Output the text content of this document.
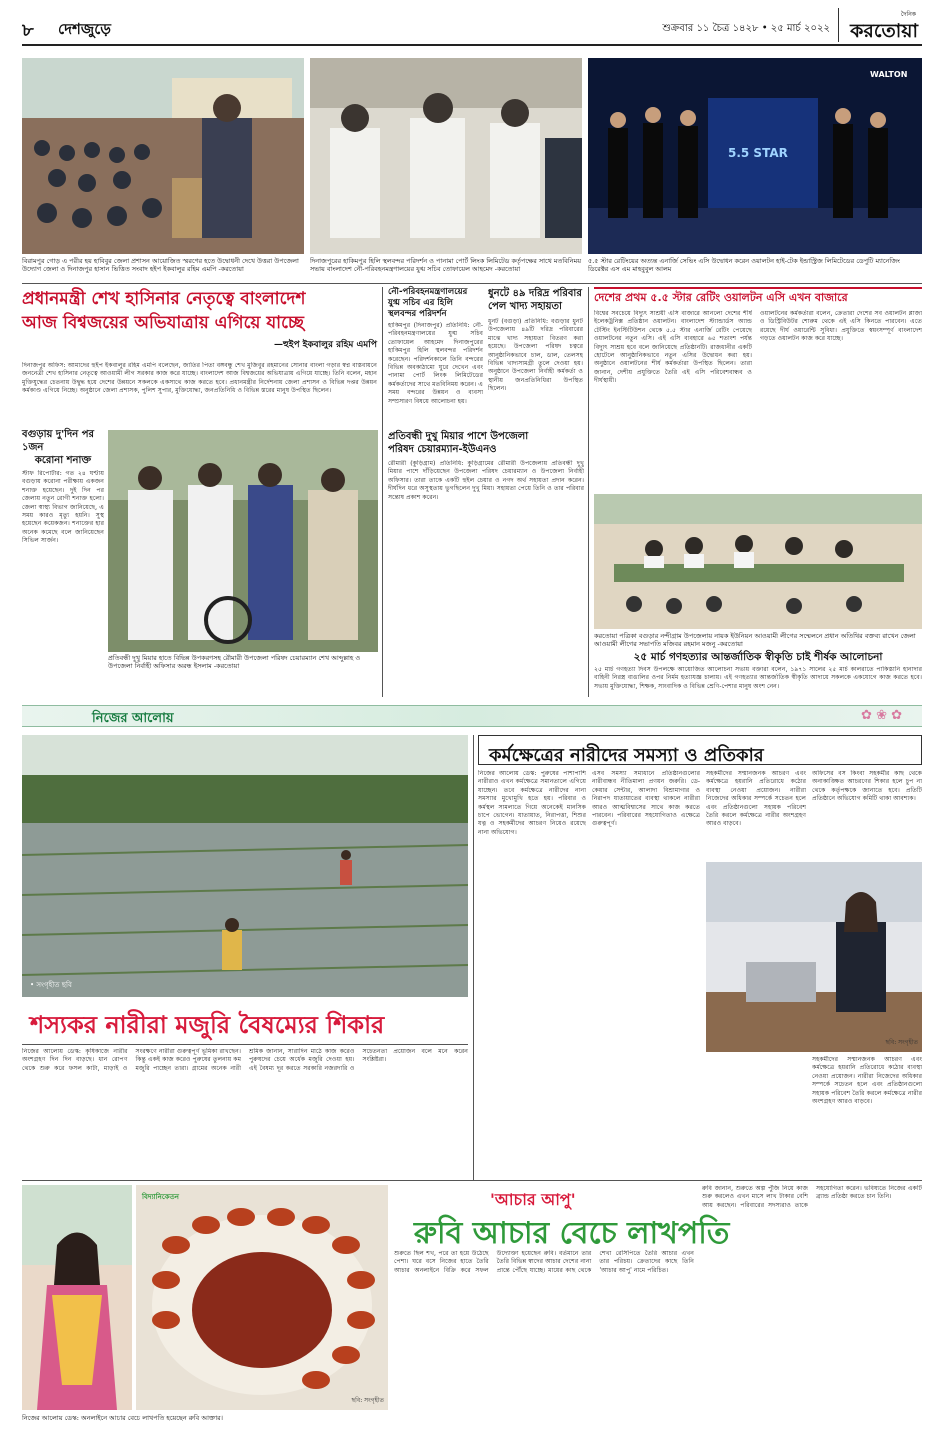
৮ দেশজুড়ে	শুক্রবার ১১ চৈত্র ১৪২৮ • ২৫ মার্চ ২০২২
দৈনিক
করতোয়া
বিরামপুর গোড় এ পরীর হয় হাবিবুর জেলা প্রশাসন আয়োজিত স্মরণের হতে উদ্বোধনী দেখে উত্তরা উপজেলা উদ্যোগ জেলা ও দিনাজপুর হাসান ভিত্তিত সংবাদ হইপ ইকবালুর রহিম এমপি -করতোয়া
দিনাজপুরের হাকিমপুর হিলি স্থলবন্দর পরিদর্শন ও পানামা পোর্ট লিংক লিমিটেড কর্তৃপক্ষের সাথে মতবিনিময় সভায় বাংলাদেশ নৌ-পরিবহনমন্ত্রণালয়ের যুগ্ম সচিব তোফায়েল আহমেদ -করতোয়া
WALTON
5.5 STAR
৫.৫ স্টার রেটিংয়ের অত্যন্ত এনার্জি সেভিং এসি উদ্বোধন করেন ওয়ালটন হাই-টেক ইন্ডাস্ট্রিজ লিমিটেডের ডেপুটি ম্যানেজিং ডিরেক্টর এস এম মাহবুবুল আলম
প্রধানমন্ত্রী শেখ হাসিনার নেতৃত্বে বাংলাদেশ
আজ বিশ্বজয়ের অভিযাত্রায় এগিয়ে যাচ্ছে
—হুইপ ইকবালুর রহিম এমপি
দিনাজপুর অফিস: আমাদের হুইপ ইকবালুর রহিম এমপি বলেছেন, জাতির পিতা বঙ্গবন্ধু শেখ মুজিবুর রহমানের সোনার বাংলা গড়ার স্বপ্ন বাস্তবায়নে জননেত্রী শেখ হাসিনার নেতৃত্বে আওয়ামী লীগ সরকার কাজ করে যাচ্ছে। বাংলাদেশ আজ বিশ্বজয়ের অভিযাত্রায় এগিয়ে যাচ্ছে। তিনি বলেন, মহান মুক্তিযুদ্ধের চেতনায় উদ্বুদ্ধ হয়ে দেশের উন্নয়নে সকলকে একসাথে কাজ করতে হবে। প্রধানমন্ত্রীর নির্দেশনায় জেলা প্রশাসন ও বিভিন্ন দপ্তর উন্নয়ন কর্মকাণ্ড এগিয়ে নিচ্ছে। অনুষ্ঠানে জেলা প্রশাসক, পুলিশ সুপার, মুক্তিযোদ্ধা, জনপ্রতিনিধি ও বিভিন্ন স্তরের মানুষ উপস্থিত ছিলেন।
বগুড়ায় দু'দিন পর ১জন
করোনা শনাক্ত
স্টাফ রিপোর্টার: গত ২৪ ঘণ্টায় বগুড়ায় করোনা পরীক্ষায় একজন শনাক্ত হয়েছেন। দুই দিন পর জেলায় নতুন রোগী শনাক্ত হলো। জেলা স্বাস্থ্য বিভাগ জানিয়েছে, এ সময় কারও মৃত্যু হয়নি। সুস্থ হয়েছেন কয়েকজন। শনাক্তের হার অনেক কমেছে বলে জানিয়েছেন সিভিল সার্জন।
প্রতিবন্ধী দুখু মিয়ার হাতে বিভিন্ন উপকরণসহ রৌমারী উপজেলা পরিষদ চেয়ারম্যান শেখ আব্দুল্লাহ ও উপজেলা নির্বাহী অফিসার অরন্ধ ইসলাম -করতোয়া
নৌ-পরিবহনমন্ত্রণালয়ের
যুগ্ম সচিব এর হিলি
স্থলবন্দর পরিদর্শন
হাকিমপুর (দিনাজপুর) প্রতিনিধি: নৌ-পরিবহনমন্ত্রণালয়ের যুগ্ম সচিব তোফায়েল আহমেদ দিনাজপুরের হাকিমপুর হিলি স্থলবন্দর পরিদর্শন করেছেন। পরিদর্শনকালে তিনি বন্দরের বিভিন্ন অবকাঠামো ঘুরে দেখেন এবং পানামা পোর্ট লিংক লিমিটেডের কর্মকর্তাদের সাথে মতবিনিময় করেন। এ সময় বন্দরের উন্নয়ন ও ব্যবসা সম্প্রসারণ বিষয়ে আলোচনা হয়।
ধুনটে ৪৯ দরিদ্র পরিবার
পেল খাদ্য সহায়তা
ধুনট (বগুড়া) প্রতিনিধি: বগুড়ার ধুনট উপজেলায় ৪৯টি দরিদ্র পরিবারের মাঝে খাদ্য সহায়তা বিতরণ করা হয়েছে। উপজেলা পরিষদ চত্বরে আনুষ্ঠানিকভাবে চাল, ডাল, তেলসহ বিভিন্ন খাদ্যসামগ্রী তুলে দেওয়া হয়। অনুষ্ঠানে উপজেলা নির্বাহী কর্মকর্তা ও স্থানীয় জনপ্রতিনিধিরা উপস্থিত ছিলেন।
প্রতিবন্ধী দুখু মিয়ার পাশে উপজেলা
পরিষদ চেয়ারম্যান-ইউএনও
রৌমারী (কুড়িগ্রাম) প্রতিনিধি: কুড়িগ্রামের রৌমারী উপজেলায় প্রতিবন্ধী দুখু মিয়ার পাশে দাঁড়িয়েছেন উপজেলা পরিষদ চেয়ারম্যান ও উপজেলা নির্বাহী অফিসার। তারা তাকে একটি হুইল চেয়ার ও নগদ অর্থ সহায়তা প্রদান করেন। দীর্ঘদিন ধরে অসুস্থতায় ভুগছিলেন দুখু মিয়া। সহায়তা পেয়ে তিনি ও তার পরিবার সন্তোষ প্রকাশ করেন।
দেশের প্রথম ৫.৫ স্টার রেটিং ওয়ালটন এসি এখন বাজারে
বিশ্বের সবচেয়ে বিদ্যুৎ সাশ্রয়ী এসি বাজারে আনলো দেশের শীর্ষ ইলেকট্রনিক্স প্রতিষ্ঠান ওয়ালটন। বাংলাদেশ স্ট্যান্ডার্ডস অ্যান্ড টেস্টিং ইনস্টিটিউশন থেকে ৫.৫ স্টার এনার্জি রেটিং পেয়েছে ওয়ালটনের নতুন এসি। এই এসি ব্যবহারে ৬৫ শতাংশ পর্যন্ত বিদ্যুৎ সাশ্রয় হবে বলে জানিয়েছে প্রতিষ্ঠানটি। রাজধানীর একটি হোটেলে আনুষ্ঠানিকভাবে নতুন এসির উদ্বোধন করা হয়। অনুষ্ঠানে ওয়ালটনের শীর্ষ কর্মকর্তারা উপস্থিত ছিলেন। তারা জানান, দেশীয় প্রযুক্তিতে তৈরি এই এসি পরিবেশবান্ধব ও দীর্ঘস্থায়ী।
ওয়ালটনের কর্মকর্তারা বলেন, ক্রেতারা দেশের সব ওয়ালটন প্লাজা ও ডিস্ট্রিবিউটর শোরুম থেকে এই এসি কিনতে পারবেন। এতে রয়েছে দীর্ঘ ওয়ারেন্টি সুবিধা। প্রযুক্তিতে স্বয়ংসম্পূর্ণ বাংলাদেশ গড়তে ওয়ালটন কাজ করে যাচ্ছে।
করতোয়া পত্রিকা বগুড়ার নন্দীগ্রাম উপজেলায় নায়ক ইউনিয়ন আওয়ামী লীগের সম্মেলনে প্রধান অতিথির বক্তব্য রাখেন জেলা আওয়ামী লীগের সভাপতি মজিবর রহমান মজনু -করতোয়া
২৫ মার্চ গণহত্যার আন্তর্জাতিক স্বীকৃতি চাই শীর্ষক আলোচনা
২৫ মার্চ গণহত্যা দিবস উপলক্ষে আয়োজিত আলোচনা সভায় বক্তারা বলেন, ১৯৭১ সালের ২৫ মার্চ কালরাতে পাকিস্তানি হানাদার বাহিনী নিরস্ত্র বাঙালির ওপর নির্মম হত্যাযজ্ঞ চালায়। এই গণহত্যার আন্তর্জাতিক স্বীকৃতি আদায়ে সকলকে একযোগে কাজ করতে হবে। সভায় মুক্তিযোদ্ধা, শিক্ষক, সাংবাদিক ও বিভিন্ন শ্রেণি-পেশার মানুষ অংশ নেন।
নিজের আলোয়	✿ ❀ ✿
• সংগৃহীত ছবি
শস্যকর নারীরা মজুরি বৈষম্যের শিকার
নিজের আলোয় ডেস্ক: কৃষিকাজে নারীর অংশগ্রহণ দিন দিন বাড়ছে। ধান রোপণ থেকে শুরু করে ফসল কাটা, মাড়াই ও সংরক্ষণে নারীরা গুরুত্বপূর্ণ ভূমিকা রাখছেন। কিন্তু একই কাজ করেও পুরুষের তুলনায় কম মজুরি পাচ্ছেন তারা। গ্রামের অনেক নারী শ্রমিক জানান, সারাদিন মাঠে কাজ করেও পুরুষদের চেয়ে অর্ধেক মজুরি দেওয়া হয়। এই বৈষম্য দূর করতে সরকারি নজরদারি ও সচেতনতা প্রয়োজন বলে মনে করেন সংশ্লিষ্টরা।
কর্মক্ষেত্রের নারীদের সমস্যা ও প্রতিকার
নিজের আলোয় ডেস্ক: পুরুষের পাশাপাশি নারীরাও এখন কর্মক্ষেত্রে সমানতালে এগিয়ে যাচ্ছেন। তবে কর্মক্ষেত্রে নারীদের নানা সমস্যার মুখোমুখি হতে হয়। পরিবার ও কর্মস্থল সামলাতে গিয়ে অনেকেই মানসিক চাপে ভোগেন। যাতায়াত, নিরাপত্তা, শিশুর যত্ন ও সহকর্মীদের আচরণ নিয়েও রয়েছে নানা অভিযোগ।
এসব সমস্যা সমাধানে প্রতিষ্ঠানগুলোর নারীবান্ধব নীতিমালা প্রণয়ন জরুরি। ডে-কেয়ার সেন্টার, আলাদা বিশ্রামাগার ও নিরাপদ যাতায়াতের ব্যবস্থা থাকলে নারীরা আরও আত্মবিশ্বাসের সাথে কাজ করতে পারবেন। পরিবারের সহযোগিতাও এক্ষেত্রে গুরুত্বপূর্ণ।
সহকর্মীদের সম্মানজনক আচরণ এবং কর্মক্ষেত্রে হয়রানি প্রতিরোধে কঠোর ব্যবস্থা নেওয়া প্রয়োজন। নারীরা নিজেদের অধিকার সম্পর্কে সচেতন হলে এবং প্রতিষ্ঠানগুলো সহায়ক পরিবেশ তৈরি করলে কর্মক্ষেত্রে নারীর অংশগ্রহণ আরও বাড়বে।
অফিসের বস কিংবা সহকর্মীর কাছ থেকে অনাকাঙ্ক্ষিত আচরণের শিকার হলে চুপ না থেকে কর্তৃপক্ষকে জানাতে হবে। প্রতিটি প্রতিষ্ঠানে অভিযোগ কমিটি থাকা আবশ্যক।
ছবি: সংগৃহীত
সহকর্মীদের সম্মানজনক আচরণ এবং কর্মক্ষেত্রে হয়রানি প্রতিরোধে কঠোর ব্যবস্থা নেওয়া প্রয়োজন। নারীরা নিজেদের অধিকার সম্পর্কে সচেতন হলে এবং প্রতিষ্ঠানগুলো সহায়ক পরিবেশ তৈরি করলে কর্মক্ষেত্রে নারীর অংশগ্রহণ আরও বাড়বে।
বিদ্যানিকেতন
ছবি: সংগৃহীত
নিজের আলোয় ডেস্ক: অনলাইনে আচার বেচে লাখপতি হয়েছেন রুবি আক্তার।
'আচার আপু'
রুবি আচার বেচে লাখপতি
শুরুতে ছিল শখ, পরে তা হয়ে উঠেছে পেশা। ঘরে বসে নিজের হাতে তৈরি আচার অনলাইনে বিক্রি করে সফল উদ্যোক্তা হয়েছেন রুবি। বর্তমানে তার তৈরি বিভিন্ন স্বাদের আচার দেশের নানা প্রান্তে পৌঁছে যাচ্ছে। মায়ের কাছ থেকে শেখা রেসিপিতে তৈরি আচার এখন তার পরিচয়। ক্রেতাদের কাছে তিনি 'আচার আপু' নামে পরিচিত।
রুবি জানান, শুরুতে অল্প পুঁজি নিয়ে কাজ শুরু করলেও এখন মাসে লাখ টাকার বেশি আয় করছেন। পরিবারের সদস্যরাও তাকে সহযোগিতা করেন। ভবিষ্যতে নিজের একটি ব্র্যান্ড প্রতিষ্ঠা করতে চান তিনি।
